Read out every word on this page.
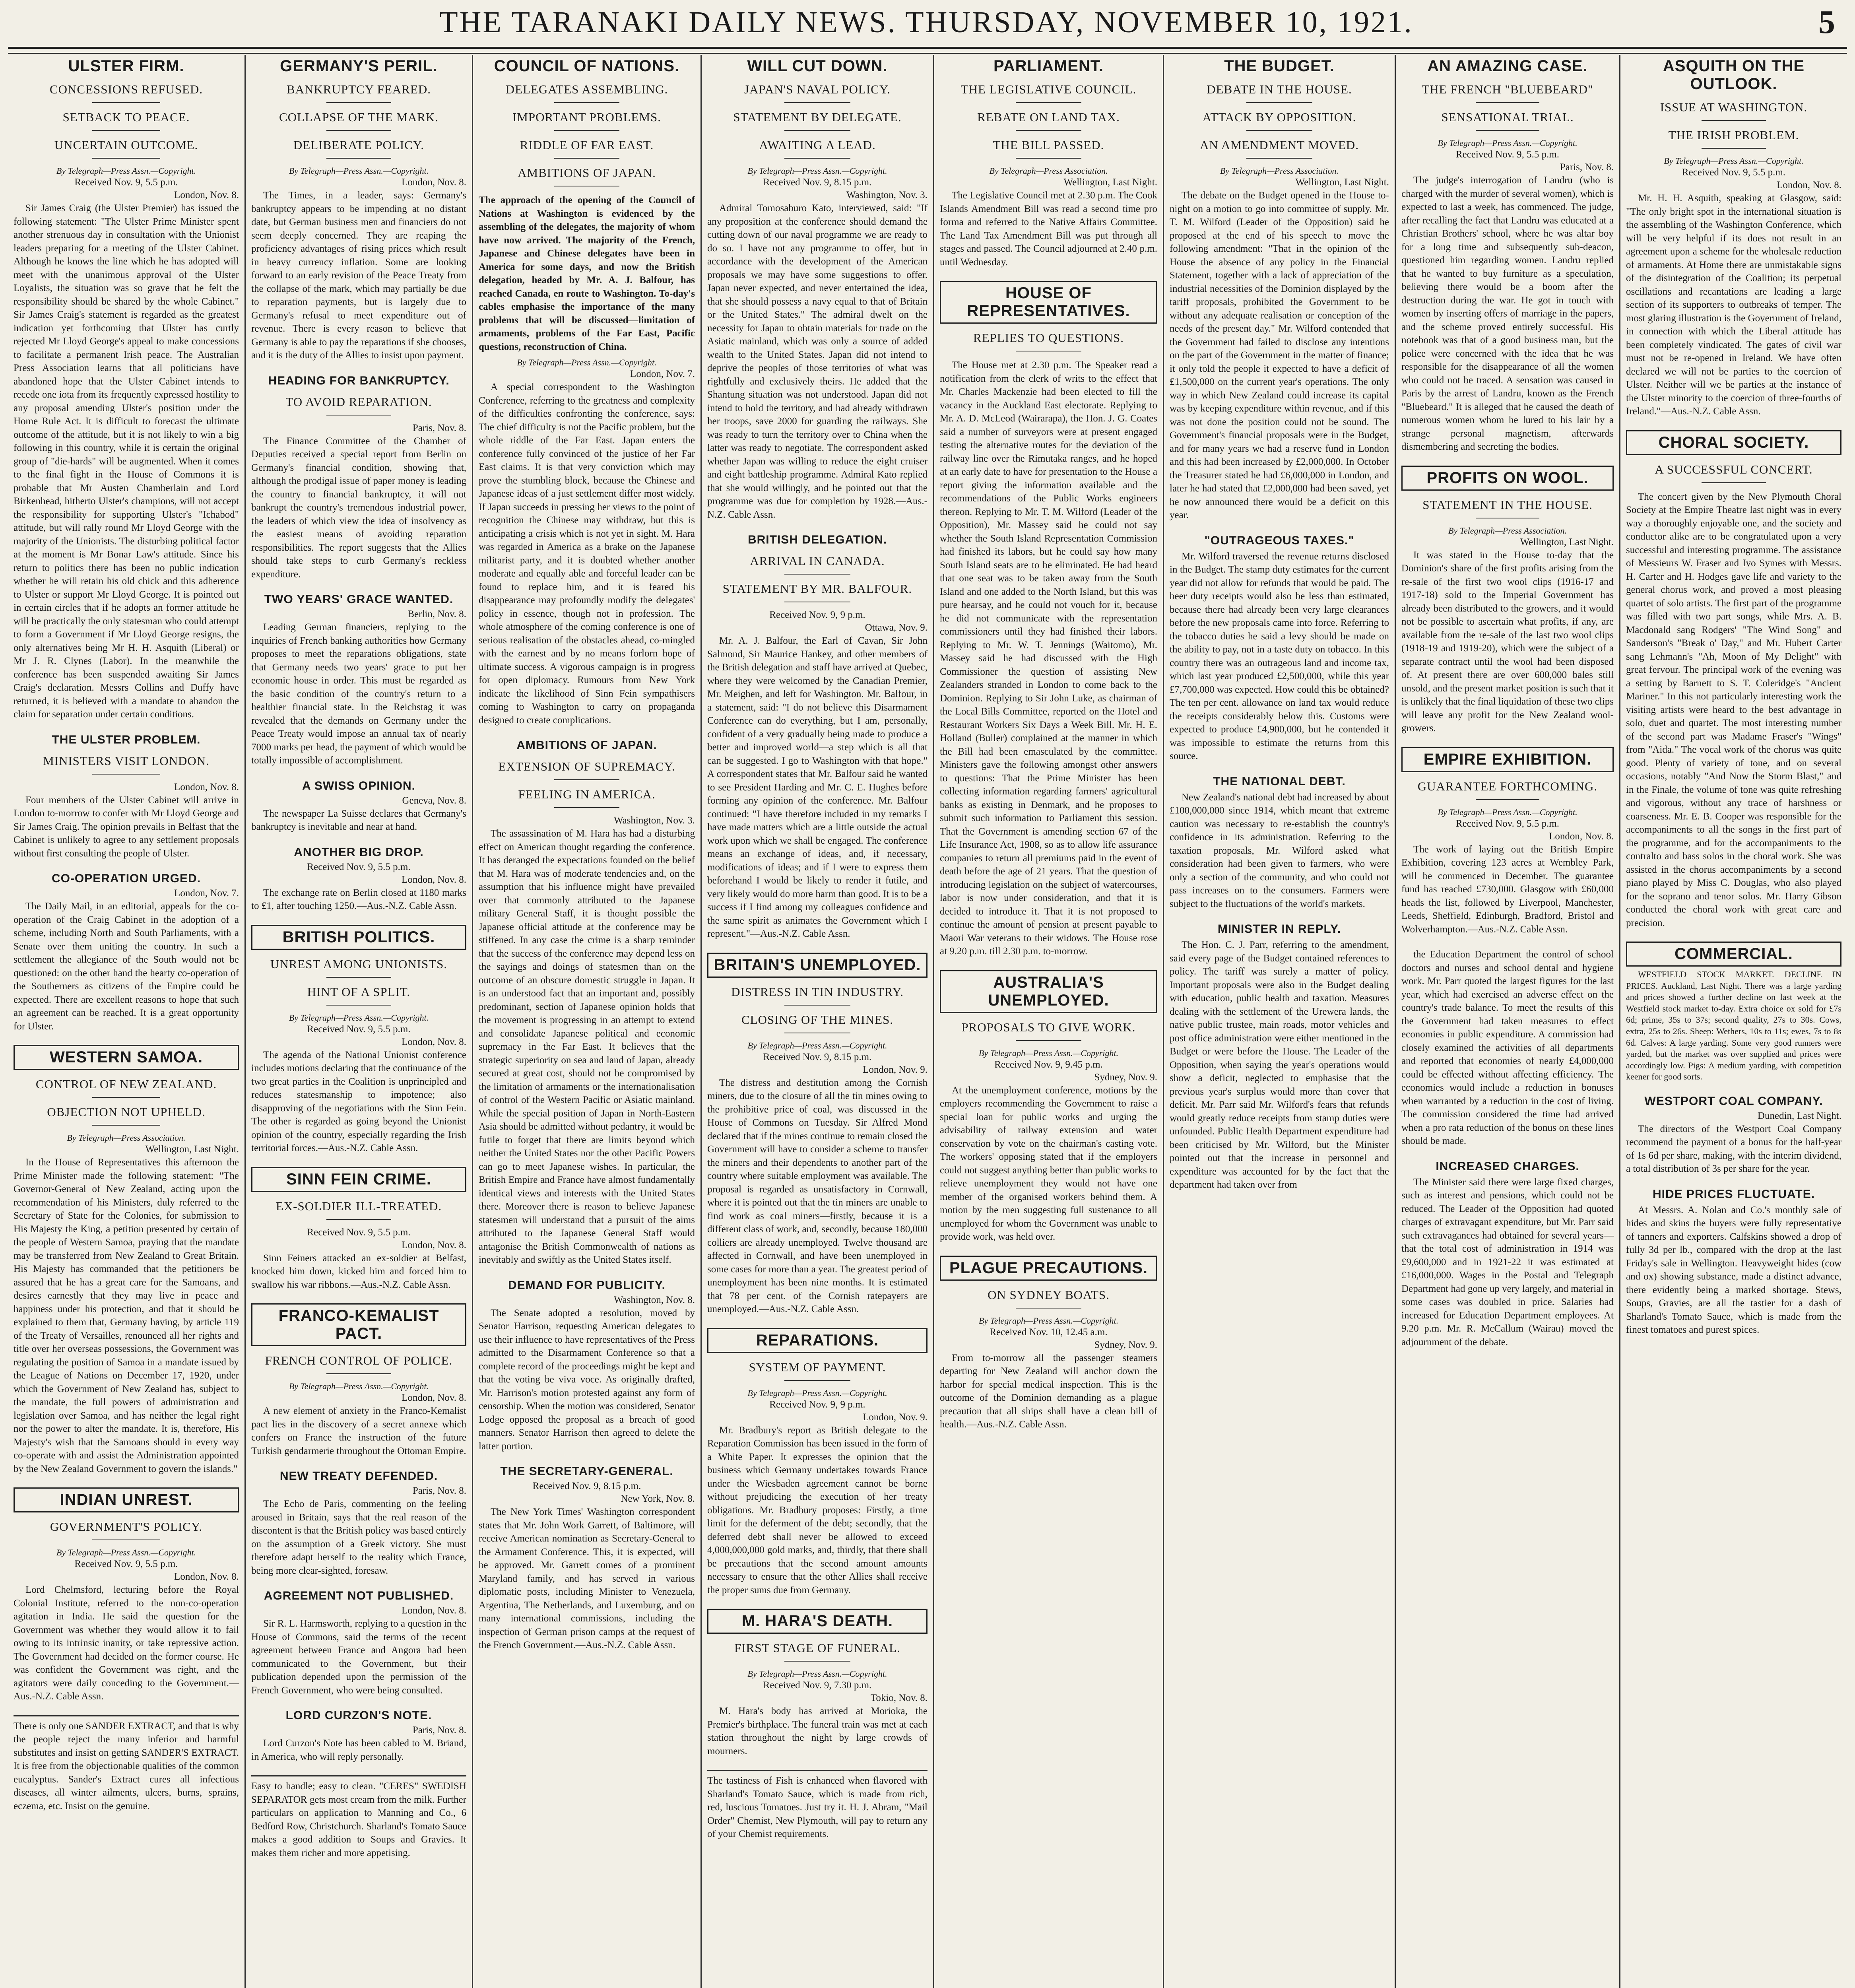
THE TARANAKI DAILY NEWS. THURSDAY, NOVEMBER 10, 1921.	5
ULSTER FIRM.
CONCESSIONS REFUSED.
SETBACK TO PEACE.
UNCERTAIN OUTCOME.
By Telegraph—Press Assn.—Copyright.
Received Nov. 9, 5.5 p.m.
London, Nov. 8.

Sir James Craig (the Ulster Premier) has issued the following statement: "The Ulster Prime Minister spent another strenuous day in consultation with the Unionist leaders preparing for a meeting of the Ulster Cabinet. Although he knows the line which he has adopted will meet with the unanimous approval of the Ulster Loyalists, the situation was so grave that he felt the responsibility should be shared by the whole Cabinet." Sir James Craig's statement is regarded as the greatest indication yet forthcoming that Ulster has curtly rejected Mr Lloyd George's appeal to make concessions to facilitate a permanent Irish peace. The Australian Press Association learns that all politicians have abandoned hope that the Ulster Cabinet intends to recede one iota from its frequently expressed hostility to any proposal amending Ulster's position under the Home Rule Act. It is difficult to forecast the ultimate outcome of the attitude, but it is not likely to win a big following in this country, while it is certain the original group of "die-hards" will be augmented. When it comes to the final fight in the House of Commons it is probable that Mr Austen Chamberlain and Lord Birkenhead, hitherto Ulster's champions, will not accept the responsibility for supporting Ulster's "Ichabod" attitude, but will rally round Mr Lloyd George with the majority of the Unionists. The disturbing political factor at the moment is Mr Bonar Law's attitude. Since his return to politics there has been no public indication whether he will retain his old chick and this adherence to Ulster or support Mr Lloyd George. It is pointed out in certain circles that if he adopts an former attitude he will be practically the only statesman who could attempt to form a Government if Mr Lloyd George resigns, the only alternatives being Mr H. H. Asquith (Liberal) or Mr J. R. Clynes (Labor). In the meanwhile the conference has been suspended awaiting Sir James Craig's declaration. Messrs Collins and Duffy have returned, it is believed with a mandate to abandon the claim for separation under certain conditions.

THE ULSTER PROBLEM.
MINISTERS VISIT LONDON.
London, Nov. 8.

Four members of the Ulster Cabinet will arrive in London to-morrow to confer with Mr Lloyd George and Sir James Craig. The opinion prevails in Belfast that the Cabinet is unlikely to agree to any settlement proposals without first consulting the people of Ulster.

CO-OPERATION URGED.
London, Nov. 7.

The Daily Mail, in an editorial, appeals for the co-operation of the Craig Cabinet in the adoption of a scheme, including North and South Parliaments, with a Senate over them uniting the country. In such a settlement the allegiance of the South would not be questioned: on the other hand the hearty co-operation of the Southerners as citizens of the Empire could be expected. There are excellent reasons to hope that such an agreement can be reached. It is a great opportunity for Ulster.

WESTERN SAMOA.
CONTROL OF NEW ZEALAND.
OBJECTION NOT UPHELD.
By Telegraph—Press Association.
Wellington, Last Night.

In the House of Representatives this afternoon the Prime Minister made the following statement: "The Governor-General of New Zealand, acting upon the recommendation of his Ministers, duly referred to the Secretary of State for the Colonies, for submission to His Majesty the King, a petition presented by certain of the people of Western Samoa, praying that the mandate may be transferred from New Zealand to Great Britain. His Majesty has commanded that the petitioners be assured that he has a great care for the Samoans, and desires earnestly that they may live in peace and happiness under his protection, and that it should be explained to them that, Germany having, by article 119 of the Treaty of Versailles, renounced all her rights and title over her overseas possessions, the Government was regulating the position of Samoa in a mandate issued by the League of Nations on December 17, 1920, under which the Government of New Zealand has, subject to the mandate, the full powers of administration and legislation over Samoa, and has neither the legal right nor the power to alter the mandate. It is, therefore, His Majesty's wish that the Samoans should in every way co-operate with and assist the Administration appointed by the New Zealand Government to govern the islands."

INDIAN UNREST.
GOVERNMENT'S POLICY.
By Telegraph—Press Assn.—Copyright.
Received Nov. 9, 5.5 p.m.
London, Nov. 8.

Lord Chelmsford, lecturing before the Royal Colonial Institute, referred to the non-co-operation agitation in India. He said the question for the Government was whether they would allow it to fail owing to its intrinsic inanity, or take repressive action. The Government had decided on the former course. He was confident the Government was right, and the agitators were daily conceding to the Government.—Aus.-N.Z. Cable Assn.

There is only one SANDER EXTRACT, and that is why the people reject the many inferior and harmful substitutes and insist on getting SANDER'S EXTRACT. It is free from the objectionable qualities of the common eucalyptus. Sander's Extract cures all infectious diseases, all winter ailments, ulcers, burns, sprains, eczema, etc. Insist on the genuine.
GERMANY'S PERIL.
BANKRUPTCY FEARED.
COLLAPSE OF THE MARK.
DELIBERATE POLICY.
By Telegraph—Press Assn.—Copyright.
London, Nov. 8.

The Times, in a leader, says: Germany's bankruptcy appears to be impending at no distant date, but German business men and financiers do not seem deeply concerned. They are reaping the proficiency advantages of rising prices which result in heavy currency inflation. Some are looking forward to an early revision of the Peace Treaty from the collapse of the mark, which may partially be due to reparation payments, but is largely due to Germany's refusal to meet expenditure out of revenue. There is every reason to believe that Germany is able to pay the reparations if she chooses, and it is the duty of the Allies to insist upon payment.

HEADING FOR BANKRUPTCY.
TO AVOID REPARATION.
Paris, Nov. 8.

The Finance Committee of the Chamber of Deputies received a special report from Berlin on Germany's financial condition, showing that, although the prodigal issue of paper money is leading the country to financial bankruptcy, it will not bankrupt the country's tremendous industrial power, the leaders of which view the idea of insolvency as the easiest means of avoiding reparation responsibilities. The report suggests that the Allies should take steps to curb Germany's reckless expenditure.

TWO YEARS' GRACE WANTED.
Berlin, Nov. 8.

Leading German financiers, replying to the inquiries of French banking authorities how Germany proposes to meet the reparations obligations, state that Germany needs two years' grace to put her economic house in order. This must be regarded as the basic condition of the country's return to a healthier financial state. In the Reichstag it was revealed that the demands on Germany under the Peace Treaty would impose an annual tax of nearly 7000 marks per head, the payment of which would be totally impossible of accomplishment.

A SWISS OPINION.
Geneva, Nov. 8.

The newspaper La Suisse declares that Germany's bankruptcy is inevitable and near at hand.

ANOTHER BIG DROP.
Received Nov. 9, 5.5 p.m.
London, Nov. 8.

The exchange rate on Berlin closed at 1180 marks to £1, after touching 1250.—Aus.-N.Z. Cable Assn.

BRITISH POLITICS.
UNREST AMONG UNIONISTS.
HINT OF A SPLIT.
By Telegraph—Press Assn.—Copyright.
Received Nov. 9, 5.5 p.m.
London, Nov. 8.

The agenda of the National Unionist conference includes motions declaring that the continuance of the two great parties in the Coalition is unprincipled and reduces statesmanship to impotence; also disapproving of the negotiations with the Sinn Fein. The other is regarded as going beyond the Unionist opinion of the country, especially regarding the Irish territorial forces.—Aus.-N.Z. Cable Assn.

SINN FEIN CRIME.
EX-SOLDIER ILL-TREATED.
Received Nov. 9, 5.5 p.m.
London, Nov. 8.

Sinn Feiners attacked an ex-soldier at Belfast, knocked him down, kicked him and forced him to swallow his war ribbons.—Aus.-N.Z. Cable Assn.

FRANCO-KEMALIST PACT.
FRENCH CONTROL OF POLICE.
By Telegraph—Press Assn.—Copyright.
London, Nov. 8.

A new element of anxiety in the Franco-Kemalist pact lies in the discovery of a secret annexe which confers on France the instruction of the future Turkish gendarmerie throughout the Ottoman Empire.

NEW TREATY DEFENDED.
Paris, Nov. 8.

The Echo de Paris, commenting on the feeling aroused in Britain, says that the real reason of the discontent is that the British policy was based entirely on the assumption of a Greek victory. She must therefore adapt herself to the reality which France, being more clear-sighted, foresaw.

AGREEMENT NOT PUBLISHED.
London, Nov. 8.

Sir R. L. Harmsworth, replying to a question in the House of Commons, said the terms of the recent agreement between France and Angora had been communicated to the Government, but their publication depended upon the permission of the French Government, who were being consulted.

LORD CURZON'S NOTE.
Paris, Nov. 8.

Lord Curzon's Note has been cabled to M. Briand, in America, who will reply personally.

Easy to handle; easy to clean. "CERES" SWEDISH SEPARATOR gets most cream from the milk. Further particulars on application to Manning and Co., 6 Bedford Row, Christchurch. Sharland's Tomato Sauce makes a good addition to Soups and Gravies. It makes them richer and more appetising.
COUNCIL OF NATIONS.
DELEGATES ASSEMBLING.
IMPORTANT PROBLEMS.
RIDDLE OF FAR EAST.
AMBITIONS OF JAPAN.
The approach of the opening of the Council of Nations at Washington is evidenced by the assembling of the delegates, the majority of whom have now arrived. The majority of the French, Japanese and Chinese delegates have been in America for some days, and now the British delegation, headed by Mr. A. J. Balfour, has reached Canada, en route to Washington. To-day's cables emphasise the importance of the many problems that will be discussed—limitation of armaments, problems of the Far East, Pacific questions, reconstruction of China.
By Telegraph—Press Assn.—Copyright.
London, Nov. 7.

A special correspondent to the Washington Conference, referring to the greatness and complexity of the difficulties confronting the conference, says: The chief difficulty is not the Pacific problem, but the whole riddle of the Far East. Japan enters the conference fully convinced of the justice of her Far East claims. It is that very conviction which may prove the stumbling block, because the Chinese and Japanese ideas of a just settlement differ most widely. If Japan succeeds in pressing her views to the point of recognition the Chinese may withdraw, but this is anticipating a crisis which is not yet in sight. M. Hara was regarded in America as a brake on the Japanese militarist party, and it is doubted whether another moderate and equally able and forceful leader can be found to replace him, and it is feared his disappearance may profoundly modify the delegates' policy in essence, though not in profession. The whole atmosphere of the coming conference is one of serious realisation of the obstacles ahead, co-mingled with the earnest and by no means forlorn hope of ultimate success. A vigorous campaign is in progress for open diplomacy. Rumours from New York indicate the likelihood of Sinn Fein sympathisers coming to Washington to carry on propaganda designed to create complications.

AMBITIONS OF JAPAN.
EXTENSION OF SUPREMACY.
FEELING IN AMERICA.
Washington, Nov. 3.

The assassination of M. Hara has had a disturbing effect on American thought regarding the conference. It has deranged the expectations founded on the belief that M. Hara was of moderate tendencies and, on the assumption that his influence might have prevailed over that commonly attributed to the Japanese military General Staff, it is thought possible the Japanese official attitude at the conference may be stiffened. In any case the crime is a sharp reminder that the success of the conference may depend less on the sayings and doings of statesmen than on the outcome of an obscure domestic struggle in Japan. It is an understood fact that an important and, possibly predominant, section of Japanese opinion holds that the movement is progressing in an attempt to extend and consolidate Japanese political and economic supremacy in the Far East. It believes that the strategic superiority on sea and land of Japan, already secured at great cost, should not be compromised by the limitation of armaments or the internationalisation of control of the Western Pacific or Asiatic mainland. While the special position of Japan in North-Eastern Asia should be admitted without pedantry, it would be futile to forget that there are limits beyond which neither the United States nor the other Pacific Powers can go to meet Japanese wishes. In particular, the British Empire and France have almost fundamentally identical views and interests with the United States there. Moreover there is reason to believe Japanese statesmen will understand that a pursuit of the aims attributed to the Japanese General Staff would antagonise the British Commonwealth of nations as inevitably and swiftly as the United States itself.

DEMAND FOR PUBLICITY.
Washington, Nov. 8.

The Senate adopted a resolution, moved by Senator Harrison, requesting American delegates to use their influence to have representatives of the Press admitted to the Disarmament Conference so that a complete record of the proceedings might be kept and that the voting be viva voce. As originally drafted, Mr. Harrison's motion protested against any form of censorship. When the motion was considered, Senator Lodge opposed the proposal as a breach of good manners. Senator Harrison then agreed to delete the latter portion.

THE SECRETARY-GENERAL.
Received Nov. 9, 8.15 p.m.
New York, Nov. 8.

The New York Times' Washington correspondent states that Mr. John Work Garrett, of Baltimore, will receive American nomination as Secretary-General to the Armament Conference. This, it is expected, will be approved. Mr. Garrett comes of a prominent Maryland family, and has served in various diplomatic posts, including Minister to Venezuela, Argentina, The Netherlands, and Luxemburg, and on many international commissions, including the inspection of German prison camps at the request of the French Government.—Aus.-N.Z. Cable Assn.

WILL CUT DOWN.
JAPAN'S NAVAL POLICY.
STATEMENT BY DELEGATE.
AWAITING A LEAD.
By Telegraph—Press Assn.—Copyright.
Received Nov. 9, 8.15 p.m.
Washington, Nov. 3.

Admiral Tomosaburo Kato, interviewed, said: "If any proposition at the conference should demand the cutting down of our naval programme we are ready to do so. I have not any programme to offer, but in accordance with the development of the American proposals we may have some suggestions to offer. Japan never expected, and never entertained the idea, that she should possess a navy equal to that of Britain or the United States." The admiral dwelt on the necessity for Japan to obtain materials for trade on the Asiatic mainland, which was only a source of added wealth to the United States. Japan did not intend to deprive the peoples of those territories of what was rightfully and exclusively theirs. He added that the Shantung situation was not understood. Japan did not intend to hold the territory, and had already withdrawn her troops, save 2000 for guarding the railways. She was ready to turn the territory over to China when the latter was ready to negotiate. The correspondent asked whether Japan was willing to reduce the eight cruiser and eight battleship programme. Admiral Kato replied that she would willingly, and he pointed out that the programme was due for completion by 1928.—Aus.-N.Z. Cable Assn.

BRITISH DELEGATION.
ARRIVAL IN CANADA.
STATEMENT BY MR. BALFOUR.
Received Nov. 9, 9 p.m.
Ottawa, Nov. 9.

Mr. A. J. Balfour, the Earl of Cavan, Sir John Salmond, Sir Maurice Hankey, and other members of the British delegation and staff have arrived at Quebec, where they were welcomed by the Canadian Premier, Mr. Meighen, and left for Washington. Mr. Balfour, in a statement, said: "I do not believe this Disarmament Conference can do everything, but I am, personally, confident of a very gradually being made to produce a better and improved world—a step which is all that can be suggested. I go to Washington with that hope." A correspondent states that Mr. Balfour said he wanted to see President Harding and Mr. C. E. Hughes before forming any opinion of the conference. Mr. Balfour continued: "I have therefore included in my remarks I have made matters which are a little outside the actual work upon which we shall be engaged. The conference means an exchange of ideas, and, if necessary, modifications of ideas; and if I were to express them beforehand I would be likely to render it futile, and very likely would do more harm than good. It is to be a success if I find among my colleagues confidence and the same spirit as animates the Government which I represent."—Aus.-N.Z. Cable Assn.

BRITAIN'S UNEMPLOYED.
DISTRESS IN TIN INDUSTRY.
CLOSING OF THE MINES.
By Telegraph—Press Assn.—Copyright.
Received Nov. 9, 8.15 p.m.
London, Nov. 9.

The distress and destitution among the Cornish miners, due to the closure of all the tin mines owing to the prohibitive price of coal, was discussed in the House of Commons on Tuesday. Sir Alfred Mond declared that if the mines continue to remain closed the Government will have to consider a scheme to transfer the miners and their dependents to another part of the country where suitable employment was available. The proposal is regarded as unsatisfactory in Cornwall, where it is pointed out that the tin miners are unable to find work as coal miners—firstly, because it is a different class of work, and, secondly, because 180,000 colliers are already unemployed. Twelve thousand are affected in Cornwall, and have been unemployed in some cases for more than a year. The greatest period of unemployment has been nine months. It is estimated that 78 per cent. of the Cornish ratepayers are unemployed.—Aus.-N.Z. Cable Assn.

REPARATIONS.
SYSTEM OF PAYMENT.
By Telegraph—Press Assn.—Copyright.
Received Nov. 9, 9 p.m.
London, Nov. 9.

Mr. Bradbury's report as British delegate to the Reparation Commission has been issued in the form of a White Paper. It expresses the opinion that the business which Germany undertakes towards France under the Wiesbaden agreement cannot be borne without prejudicing the execution of her treaty obligations. Mr. Bradbury proposes: Firstly, a time limit for the deferment of the debt; secondly, that the deferred debt shall never be allowed to exceed 4,000,000,000 gold marks, and, thirdly, that there shall be precautions that the second amount amounts necessary to ensure that the other Allies shall receive the proper sums due from Germany.

M. HARA'S DEATH.
FIRST STAGE OF FUNERAL.
By Telegraph—Press Assn.—Copyright.
Received Nov. 9, 7.30 p.m.
Tokio, Nov. 8.

M. Hara's body has arrived at Morioka, the Premier's birthplace. The funeral train was met at each station throughout the night by large crowds of mourners.

The tastiness of Fish is enhanced when flavored with Sharland's Tomato Sauce, which is made from rich, red, luscious Tomatoes. Just try it. H. J. Abram, "Mail Order" Chemist, New Plymouth, will pay to return any of your Chemist requirements.
PARLIAMENT.
THE LEGISLATIVE COUNCIL.
REBATE ON LAND TAX.
THE BILL PASSED.
By Telegraph—Press Association.
Wellington, Last Night.

The Legislative Council met at 2.30 p.m. The Cook Islands Amendment Bill was read a second time pro forma and referred to the Native Affairs Committee. The Land Tax Amendment Bill was put through all stages and passed. The Council adjourned at 2.40 p.m. until Wednesday.

HOUSE OF REPRESENTATIVES.
REPLIES TO QUESTIONS.

The House met at 2.30 p.m. The Speaker read a notification from the clerk of writs to the effect that Mr. Charles Mackenzie had been elected to fill the vacancy in the Auckland East electorate. Replying to Mr. A. D. McLeod (Wairarapa), the Hon. J. G. Coates said a number of surveyors were at present engaged testing the alternative routes for the deviation of the railway line over the Rimutaka ranges, and he hoped at an early date to have for presentation to the House a report giving the information available and the recommendations of the Public Works engineers thereon. Replying to Mr. T. M. Wilford (Leader of the Opposition), Mr. Massey said he could not say whether the South Island Representation Commission had finished its labors, but he could say how many South Island seats are to be eliminated. He had heard that one seat was to be taken away from the South Island and one added to the North Island, but this was pure hearsay, and he could not vouch for it, because he did not communicate with the representation commissioners until they had finished their labors. Replying to Mr. W. T. Jennings (Waitomo), Mr. Massey said he had discussed with the High Commissioner the question of assisting New Zealanders stranded in London to come back to the Dominion. Replying to Sir John Luke, as chairman of the Local Bills Committee, reported on the Hotel and Restaurant Workers Six Days a Week Bill. Mr. H. E. Holland (Buller) complained at the manner in which the Bill had been emasculated by the committee. Ministers gave the following amongst other answers to questions: That the Prime Minister has been collecting information regarding farmers' agricultural banks as existing in Denmark, and he proposes to submit such information to Parliament this session. That the Government is amending section 67 of the Life Insurance Act, 1908, so as to allow life assurance companies to return all premiums paid in the event of death before the age of 21 years. That the question of introducing legislation on the subject of watercourses, labor is now under consideration, and that it is decided to introduce it. That it is not proposed to continue the amount of pension at present payable to Maori War veterans to their widows. The House rose at 9.20 p.m. till 2.30 p.m. to-morrow.

AUSTRALIA'S UNEMPLOYED.
PROPOSALS TO GIVE WORK.
By Telegraph—Press Assn.—Copyright.
Received Nov. 9, 9.45 p.m.
Sydney, Nov. 9.

At the unemployment conference, motions by the employers recommending the Government to raise a special loan for public works and urging the advisability of railway extension and water conservation by vote on the chairman's casting vote. The workers' opposing stated that if the employers could not suggest anything better than public works to relieve unemployment they would not have one member of the organised workers behind them. A motion by the men suggesting full sustenance to all unemployed for whom the Government was unable to provide work, was held over.

PLAGUE PRECAUTIONS.
ON SYDNEY BOATS.
By Telegraph—Press Assn.—Copyright.
Received Nov. 10, 12.45 a.m.
Sydney, Nov. 9.

From to-morrow all the passenger steamers departing for New Zealand will anchor down the harbor for special medical inspection. This is the outcome of the Dominion demanding as a plague precaution that all ships shall have a clean bill of health.—Aus.-N.Z. Cable Assn.

THE BUDGET.
DEBATE IN THE HOUSE.
ATTACK BY OPPOSITION.
AN AMENDMENT MOVED.
By Telegraph—Press Association.
Wellington, Last Night.

The debate on the Budget opened in the House to-night on a motion to go into committee of supply. Mr. T. M. Wilford (Leader of the Opposition) said he proposed at the end of his speech to move the following amendment: "That in the opinion of the House the absence of any policy in the Financial Statement, together with a lack of appreciation of the industrial necessities of the Dominion displayed by the tariff proposals, prohibited the Government to be without any adequate realisation or conception of the needs of the present day." Mr. Wilford contended that the Government had failed to disclose any intentions on the part of the Government in the matter of finance; it only told the people it expected to have a deficit of £1,500,000 on the current year's operations. The only way in which New Zealand could increase its capital was by keeping expenditure within revenue, and if this was not done the position could not be sound. The Government's financial proposals were in the Budget, and for many years we had a reserve fund in London and this had been increased by £2,000,000. In October the Treasurer stated he had £6,000,000 in London, and later he had stated that £2,000,000 had been saved, yet he now announced there would be a deficit on this year.

"OUTRAGEOUS TAXES."

Mr. Wilford traversed the revenue returns disclosed in the Budget. The stamp duty estimates for the current year did not allow for refunds that would be paid. The beer duty receipts would also be less than estimated, because there had already been very large clearances before the new proposals came into force. Referring to the tobacco duties he said a levy should be made on the ability to pay, not in a taste duty on tobacco. In this country there was an outrageous land and income tax, which last year produced £2,500,000, while this year £7,700,000 was expected. How could this be obtained? The ten per cent. allowance on land tax would reduce the receipts considerably below this. Customs were expected to produce £4,900,000, but he contended it was impossible to estimate the returns from this source.

THE NATIONAL DEBT.

New Zealand's national debt had increased by about £100,000,000 since 1914, which meant that extreme caution was necessary to re-establish the country's confidence in its administration. Referring to the taxation proposals, Mr. Wilford asked what consideration had been given to farmers, who were only a section of the community, and who could not pass increases on to the consumers. Farmers were subject to the fluctuations of the world's markets.

MINISTER IN REPLY.

The Hon. C. J. Parr, referring to the amendment, said every page of the Budget contained references to policy. The tariff was surely a matter of policy. Important proposals were also in the Budget dealing with education, public health and taxation. Measures dealing with the settlement of the Urewera lands, the native public trustee, main roads, motor vehicles and post office administration were either mentioned in the Budget or were before the House. The Leader of the Opposition, when saying the year's operations would show a deficit, neglected to emphasise that the previous year's surplus would more than cover that deficit. Mr. Parr said Mr. Wilford's fears that refunds would greatly reduce receipts from stamp duties were unfounded. Public Health Department expenditure had been criticised by Mr. Wilford, but the Minister pointed out that the increase in personnel and expenditure was accounted for by the fact that the department had taken over from

AN AMAZING CASE.
THE FRENCH "BLUEBEARD"
SENSATIONAL TRIAL.
By Telegraph—Press Assn.—Copyright.
Received Nov. 9, 5.5 p.m.
Paris, Nov. 8.

The judge's interrogation of Landru (who is charged with the murder of several women), which is expected to last a week, has commenced. The judge, after recalling the fact that Landru was educated at a Christian Brothers' school, where he was altar boy for a long time and subsequently sub-deacon, questioned him regarding women. Landru replied that he wanted to buy furniture as a speculation, believing there would be a boom after the destruction during the war. He got in touch with women by inserting offers of marriage in the papers, and the scheme proved entirely successful. His notebook was that of a good business man, but the police were concerned with the idea that he was responsible for the disappearance of all the women who could not be traced. A sensation was caused in Paris by the arrest of Landru, known as the French "Bluebeard." It is alleged that he caused the death of numerous women whom he lured to his lair by a strange personal magnetism, afterwards dismembering and secreting the bodies.

PROFITS ON WOOL.
STATEMENT IN THE HOUSE.
By Telegraph—Press Association.
Wellington, Last Night.

It was stated in the House to-day that the Dominion's share of the first profits arising from the re-sale of the first two wool clips (1916-17 and 1917-18) sold to the Imperial Government has already been distributed to the growers, and it would not be possible to ascertain what profits, if any, are available from the re-sale of the last two wool clips (1918-19 and 1919-20), which were the subject of a separate contract until the wool had been disposed of. At present there are over 600,000 bales still unsold, and the present market position is such that it is unlikely that the final liquidation of these two clips will leave any profit for the New Zealand wool-growers.

EMPIRE EXHIBITION.
GUARANTEE FORTHCOMING.
By Telegraph—Press Assn.—Copyright.
Received Nov. 9, 5.5 p.m.
London, Nov. 8.

The work of laying out the British Empire Exhibition, covering 123 acres at Wembley Park, will be commenced in December. The guarantee fund has reached £730,000. Glasgow with £60,000 heads the list, followed by Liverpool, Manchester, Leeds, Sheffield, Edinburgh, Bradford, Bristol and Wolverhampton.—Aus.-N.Z. Cable Assn.

the Education Department the control of school doctors and nurses and school dental and hygiene work. Mr. Parr quoted the largest figures for the last year, which had exercised an adverse effect on the country's trade balance. To meet the results of this the Government had taken measures to effect economies in public expenditure. A commission had closely examined the activities of all departments and reported that economies of nearly £4,000,000 could be effected without affecting efficiency. The economies would include a reduction in bonuses when warranted by a reduction in the cost of living. The commission considered the time had arrived when a pro rata reduction of the bonus on these lines should be made.

INCREASED CHARGES.

The Minister said there were large fixed charges, such as interest and pensions, which could not be reduced. The Leader of the Opposition had quoted charges of extravagant expenditure, but Mr. Parr said such extravagances had obtained for several years—that the total cost of administration in 1914 was £9,600,000 and in 1921-22 it was estimated at £16,000,000. Wages in the Postal and Telegraph Department had gone up very largely, and material in some cases was doubled in price. Salaries had increased for Education Department employees. At 9.20 p.m. Mr. R. McCallum (Wairau) moved the adjournment of the debate.

ASQUITH ON THE OUTLOOK.
ISSUE AT WASHINGTON.
THE IRISH PROBLEM.
By Telegraph—Press Assn.—Copyright.
Received Nov. 9, 5.5 p.m.
London, Nov. 8.

Mr. H. H. Asquith, speaking at Glasgow, said: "The only bright spot in the international situation is the assembling of the Washington Conference, which will be very helpful if its does not result in an agreement upon a scheme for the wholesale reduction of armaments. At Home there are unmistakable signs of the disintegration of the Coalition; its perpetual oscillations and recantations are leading a large section of its supporters to outbreaks of temper. The most glaring illustration is the Government of Ireland, in connection with which the Liberal attitude has been completely vindicated. The gates of civil war must not be re-opened in Ireland. We have often declared we will not be parties to the coercion of Ulster. Neither will we be parties at the instance of the Ulster minority to the coercion of three-fourths of Ireland."—Aus.-N.Z. Cable Assn.

CHORAL SOCIETY.
A SUCCESSFUL CONCERT.

The concert given by the New Plymouth Choral Society at the Empire Theatre last night was in every way a thoroughly enjoyable one, and the society and conductor alike are to be congratulated upon a very successful and interesting programme. The assistance of Messieurs W. Fraser and Ivo Symes with Messrs. H. Carter and H. Hodges gave life and variety to the general chorus work, and proved a most pleasing quartet of solo artists. The first part of the programme was filled with two part songs, while Mrs. A. B. Macdonald sang Rodgers' "The Wind Song" and Sanderson's "Break o' Day," and Mr. Hubert Carter sang Lehmann's "Ah, Moon of My Delight" with great fervour. The principal work of the evening was a setting by Barnett to S. T. Coleridge's "Ancient Mariner." In this not particularly interesting work the visiting artists were heard to the best advantage in solo, duet and quartet. The most interesting number of the second part was Madame Fraser's "Wings" from "Aida." The vocal work of the chorus was quite good. Plenty of variety of tone, and on several occasions, notably "And Now the Storm Blast," and in the Finale, the volume of tone was quite refreshing and vigorous, without any trace of harshness or coarseness. Mr. E. B. Cooper was responsible for the accompaniments to all the songs in the first part of the programme, and for the accompaniments to the contralto and bass solos in the choral work. She was assisted in the chorus accompaniments by a second piano played by Miss C. Douglas, who also played for the soprano and tenor solos. Mr. Harry Gibson conducted the choral work with great care and precision.

COMMERCIAL.

WESTFIELD STOCK MARKET. DECLINE IN PRICES. Auckland, Last Night. There was a large yarding and prices showed a further decline on last week at the Westfield stock market to-day. Extra choice ox sold for £7s 6d; prime, 35s to 37s; second quality, 27s to 30s. Cows, extra, 25s to 26s. Sheep: Wethers, 10s to 11s; ewes, 7s to 8s 6d. Calves: A large yarding. Some very good runners were yarded, but the market was over supplied and prices were accordingly low. Pigs: A medium yarding, with competition keener for good sorts.

WESTPORT COAL COMPANY.
Dunedin, Last Night.

The directors of the Westport Coal Company recommend the payment of a bonus for the half-year of 1s 6d per share, making, with the interim dividend, a total distribution of 3s per share for the year.

HIDE PRICES FLUCTUATE.

At Messrs. A. Nolan and Co.'s monthly sale of hides and skins the buyers were fully representative of tanners and exporters. Calfskins showed a drop of fully 3d per lb., compared with the drop at the last Friday's sale in Wellington. Heavyweight hides (cow and ox) showing substance, made a distinct advance, there evidently being a marked shortage. Stews, Soups, Gravies, are all the tastier for a dash of Sharland's Tomato Sauce, which is made from the finest tomatoes and purest spices.
